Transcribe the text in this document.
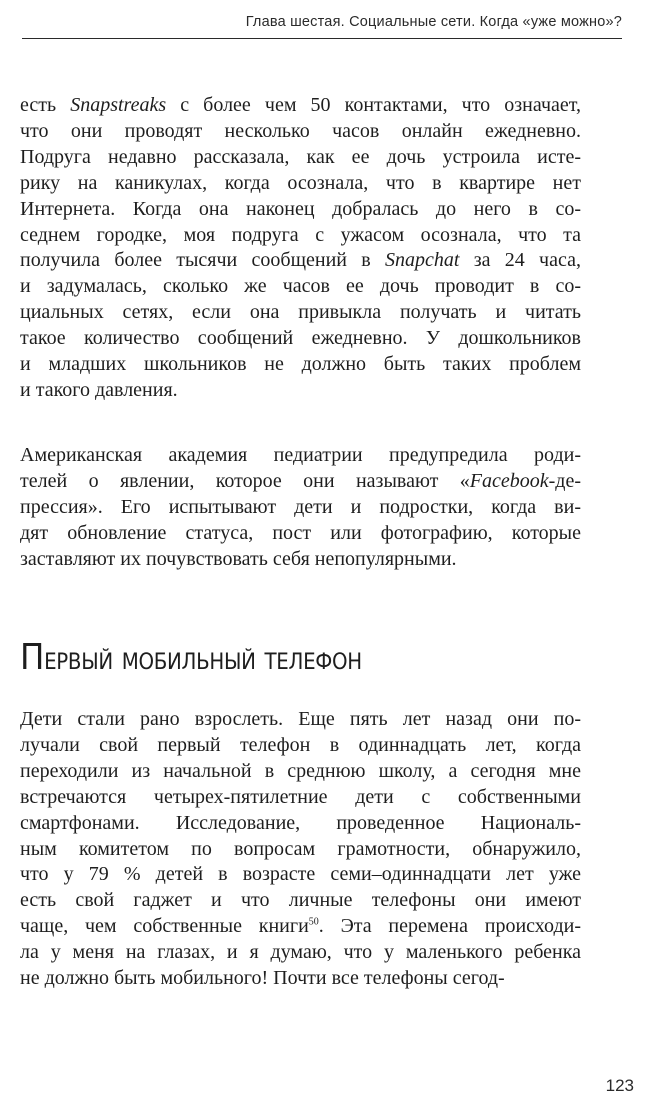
Глава шестая. Социальные сети. Когда «уже можно»?
есть Snapstreaks с более чем 50 контактами, что означает,
что они проводят несколько часов онлайн ежедневно.
Подруга недавно рассказала, как ее дочь устроила исте-
рику на каникулах, когда осознала, что в квартире нет
Интернета. Когда она наконец добралась до него в со-
седнем городке, моя подруга с ужасом осознала, что та
получила более тысячи сообщений в Snapchat за 24 часа,
и задумалась, сколько же часов ее дочь проводит в со-
циальных сетях, если она привыкла получать и читать
такое количество сообщений ежедневно. У дошкольников
и младших школьников не должно быть таких проблем
и такого давления.
Американская академия педиатрии предупредила роди-
телей о явлении, которое они называют «Facebook-де-
прессия». Его испытывают дети и подростки, когда ви-
дят обновление статуса, пост или фотографию, которые
заставляют их почувствовать себя непопулярными.
Первый мобильный телефон
Дети стали рано взрослеть. Еще пять лет назад они по-
лучали свой первый телефон в одиннадцать лет, когда
переходили из начальной в среднюю школу, а сегодня мне
встречаются четырех-пятилетние дети с собственными
смартфонами. Исследование, проведенное Националь-
ным комитетом по вопросам грамотности, обнаружило,
что у 79 % детей в возрасте семи–одиннадцати лет уже
есть свой гаджет и что личные телефоны они имеют
чаще, чем собственные книги$^{50}$. Эта перемена происходи-
ла у меня на глазах, и я думаю, что у маленького ребенка
не должно быть мобильного! Почти все телефоны сегод-
123
